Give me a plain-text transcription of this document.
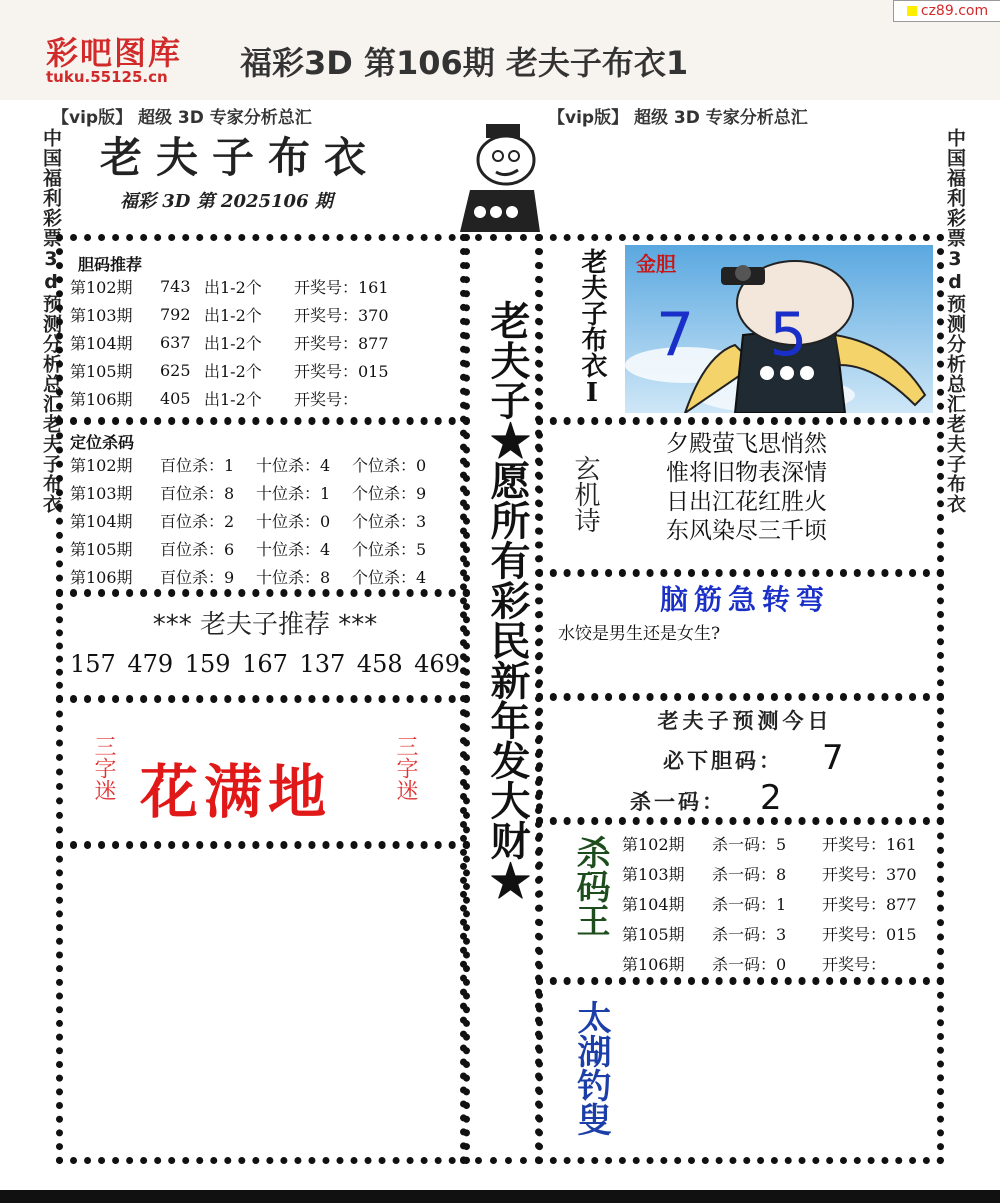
彩吧图库
tuku.55125.cn 福彩3D 第106期 老夫子布衣1
cz89.com
【vip版】 超级 3D 专家分析总汇	【vip版】 超级 3D 专家分析总汇
中国福利彩票3d预测分析总汇老夫子布衣	中国福利彩票3d预测分析总汇老夫子布衣
老夫子布衣
福彩 3D 第 2025106 期
胆码推荐
第102期	743 出1-2个	开奖号：161
第103期	792 出1-2个	开奖号：370
第104期	637 出1-2个	开奖号：877
第105期	625 出1-2个	开奖号：015
第106期	405 出1-2个	开奖号：
定位杀码
第102期	百位杀：1	十位杀：4	个位杀：0
第103期	百位杀：8	十位杀：1	个位杀：9
第104期	百位杀：2	十位杀：0	个位杀：3
第105期	百位杀：6	十位杀：4	个位杀：5
第106期	百位杀：9	十位杀：8	个位杀：4
*** 老夫子推荐 ***
157 479 159 167 137 458 469
三字迷	三字迷
花满地	老夫子★愿所有彩民新年发大财★	老夫子布衣I 金胆
7 5
玄机诗
夕殿萤飞思悄然
惟将旧物表深情
日出江花红胜火
东风染尽三千顷
脑筋急转弯
水饺是男生还是女生?
老夫子预测今日
必下胆码： 7
杀一码： 2
杀码王 第102期	杀一码：5	开奖号：161
第103期	杀一码：8	开奖号：370
第104期	杀一码：1	开奖号：877
第105期	杀一码：3	开奖号：015
第106期	杀一码：0	开奖号：
太湖钓叟
